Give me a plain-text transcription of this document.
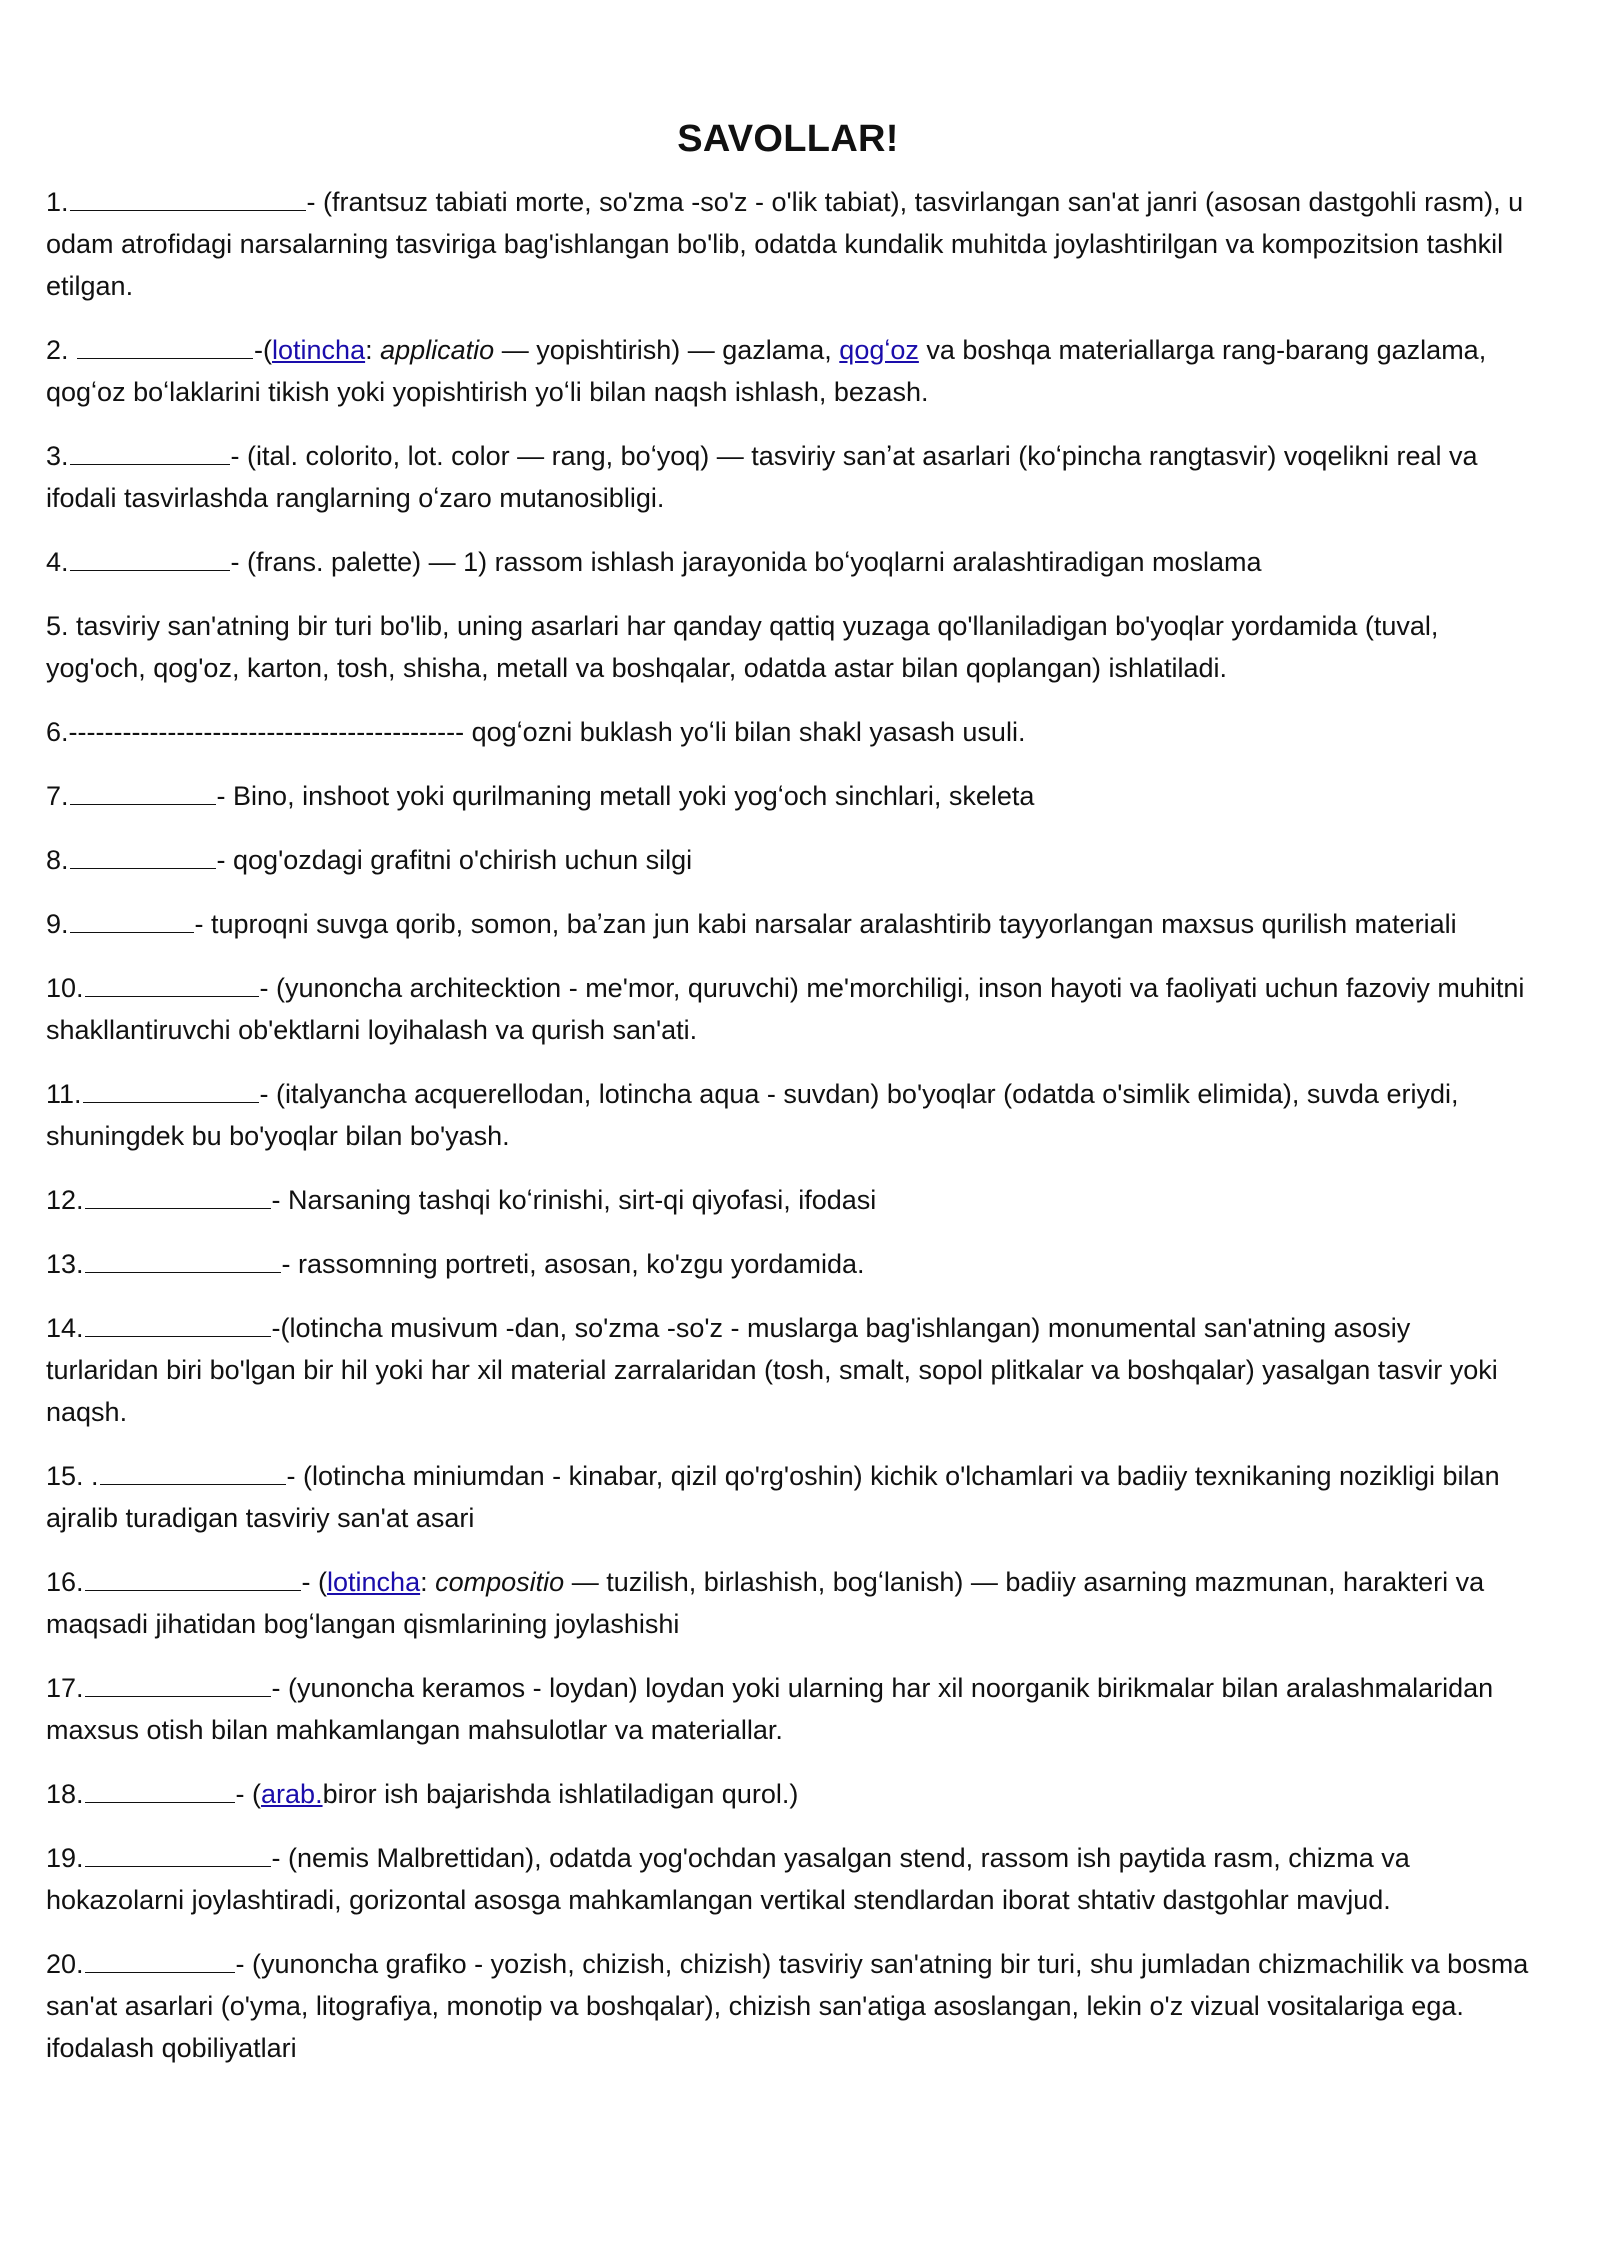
SAVOLLAR!

1.	- (frantsuz tabiati morte, so'zma -so'z - o'lik tabiat), tasvirlangan san'at janri (asosan dastgohli rasm), u odam atrofidagi narsalarning tasviriga bag'ishlangan bo'lib, odatda kundalik muhitda joylashtirilgan va kompozitsion tashkil etilgan.

2.	-(lotincha: applicatio — yopishtirish) — gazlama, qogʻoz va boshqa materiallarga rang-barang gazlama, qogʻoz boʻlaklarini tikish yoki yopishtirish yoʻli bilan naqsh ishlash, bezash.

3.	- (ital. colorito, lot. color — rang, boʻyoq) — tasviriy sanʼat asarlari (koʻpincha rangtasvir) voqelikni real va ifodali tasvirlashda ranglarning oʻzaro mutanosibligi.

4.	- (frans. palette) — 1) rassom ishlash jarayonida boʻyoqlarni aralashtiradigan moslama

5. tasviriy san'atning bir turi bo'lib, uning asarlari har qanday qattiq yuzaga qo'llaniladigan bo'yoqlar yordamida (tuval, yog'och, qog'oz, karton, tosh, shisha, metall va boshqalar, odatda astar bilan qoplangan) ishlatiladi.

6.-------------------------------------------- qogʻozni buklash yoʻli bilan shakl yasash usuli.

7.	- Bino, inshoot yoki qurilmaning metall yoki yogʻoch sinchlari, skeleta

8.	- qog'ozdagi grafitni o'chirish uchun silgi

9.	- tuproqni suvga qorib, somon, baʼzan jun kabi narsalar aralashtirib tayyorlangan maxsus qurilish materiali

10.	- (yunoncha architecktion - me'mor, quruvchi) me'morchiligi, inson hayoti va faoliyati uchun fazoviy muhitni shakllantiruvchi ob'ektlarni loyihalash va qurish san'ati.

11.	- (italyancha acquerellodan, lotincha aqua - suvdan) bo'yoqlar (odatda o'simlik elimida), suvda eriydi, shuningdek bu bo'yoqlar bilan bo'yash.

12.	- Narsaning tashqi koʻrinishi, sirt-qi qiyofasi, ifodasi

13.	- rassomning portreti, asosan, ko'zgu yordamida.

14.	-(lotincha musivum -dan, so'zma -so'z - muslarga bag'ishlangan) monumental san'atning asosiy turlaridan biri bo'lgan bir hil yoki har xil material zarralaridan (tosh, smalt, sopol plitkalar va boshqalar) yasalgan tasvir yoki naqsh.

15. .	- (lotincha miniumdan - kinabar, qizil qo'rg'oshin) kichik o'lchamlari va badiiy texnikaning nozikligi bilan ajralib turadigan tasviriy san'at asari

16.	- (lotincha: compositio — tuzilish, birlashish, bogʻlanish) — badiiy asarning mazmunan, harakteri va maqsadi jihatidan bogʻlangan qismlarining joylashishi

17.	- (yunoncha keramos - loydan) loydan yoki ularning har xil noorganik birikmalar bilan aralashmalaridan maxsus otish bilan mahkamlangan mahsulotlar va materiallar.

18.	- (arab.biror ish bajarishda ishlatiladigan qurol.)

19.	- (nemis Malbrettidan), odatda yog'ochdan yasalgan stend, rassom ish paytida rasm, chizma va hokazolarni joylashtiradi, gorizontal asosga mahkamlangan vertikal stendlardan iborat shtativ dastgohlar mavjud.

20.	- (yunoncha grafiko - yozish, chizish, chizish) tasviriy san'atning bir turi, shu jumladan chizmachilik va bosma san'at asarlari (o'yma, litografiya, monotip va boshqalar), chizish san'atiga asoslangan, lekin o'z vizual vositalariga ega. ifodalash qobiliyatlari
